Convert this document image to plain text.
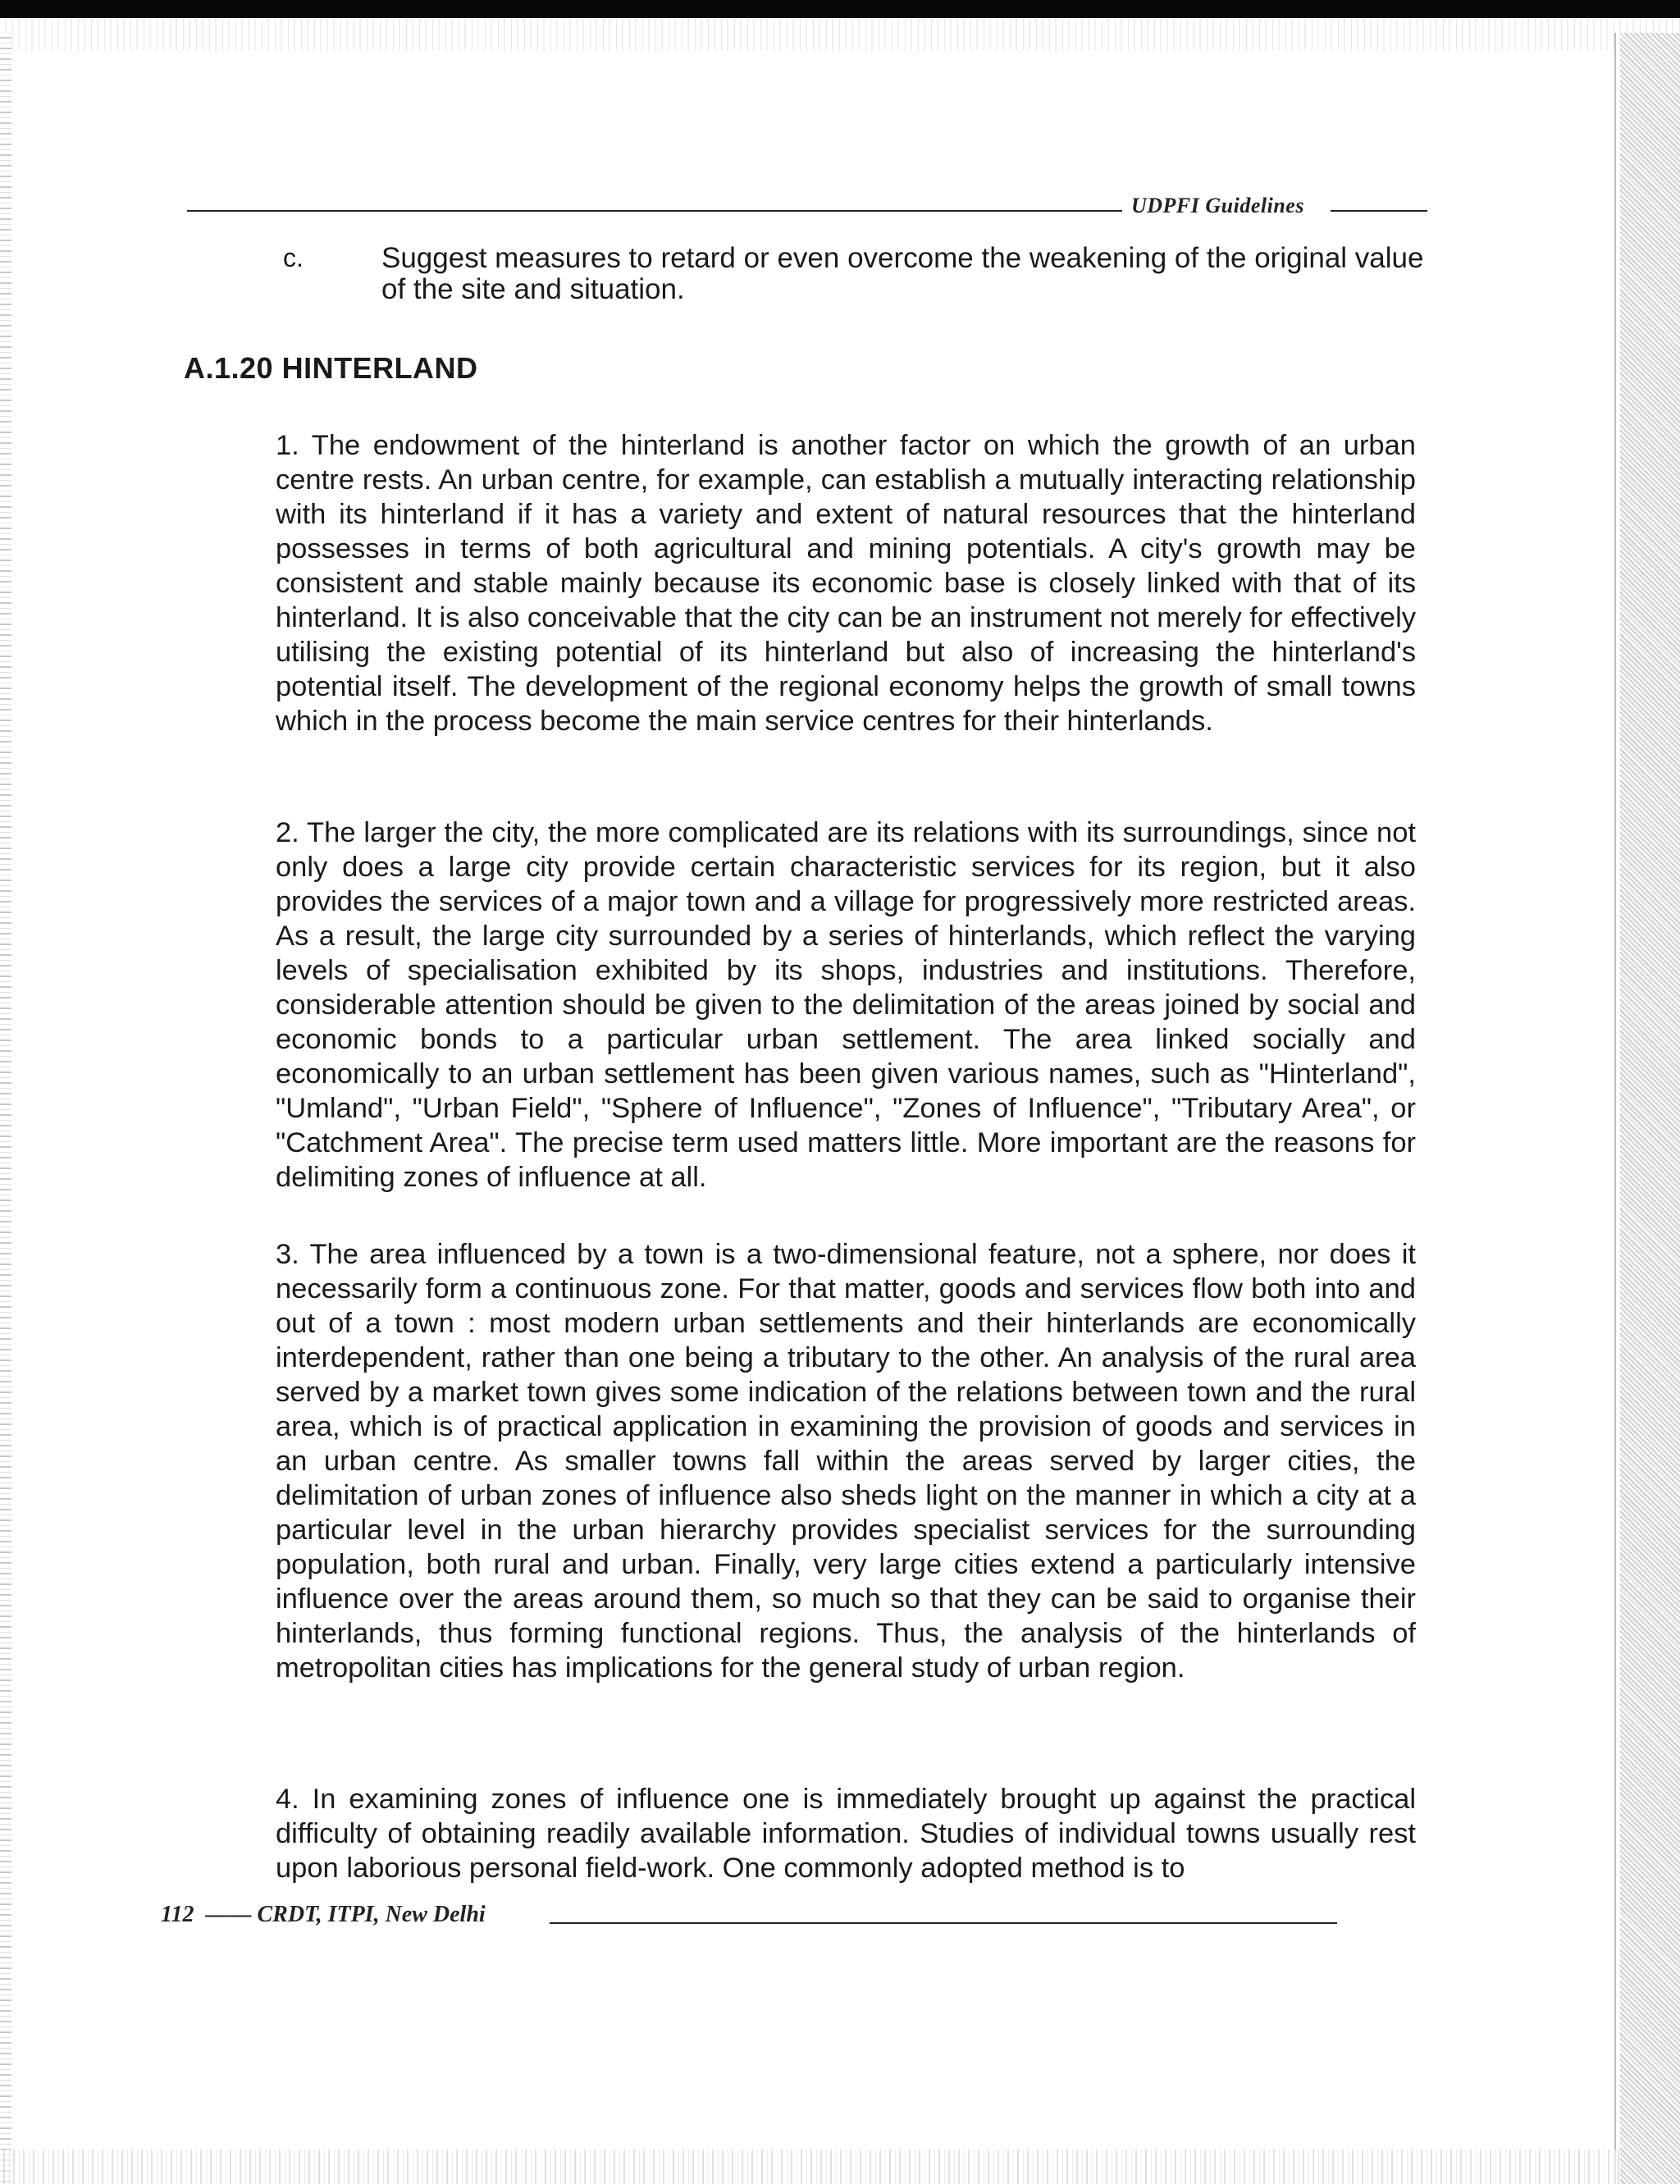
UDPFI Guidelines
c.	Suggest measures to retard or even overcome the weakening of the original value of the site and situation.
A.1.20 HINTERLAND

1. The endowment of the hinterland is another factor on which the growth of an urban centre rests. An urban centre, for example, can establish a mutually interacting relationship with its hinterland if it has a variety and extent of natural resources that the hinterland possesses in terms of both agricultural and mining potentials. A city's growth may be consistent and stable mainly because its economic base is closely linked with that of its hinterland. It is also conceivable that the city can be an instrument not merely for effectively utilising the existing potential of its hinterland but also of increasing the hinterland's potential itself. The development of the regional economy helps the growth of small towns which in the process become the main service centres for their hinterlands.

2. The larger the city, the more complicated are its relations with its surroundings, since not only does a large city provide certain characteristic services for its region, but it also provides the services of a major town and a village for progressively more restricted areas. As a result, the large city surrounded by a series of hinterlands, which reflect the varying levels of specialisation exhibited by its shops, industries and institutions. Therefore, considerable attention should be given to the delimitation of the areas joined by social and economic bonds to a particular urban settlement. The area linked socially and economically to an urban settlement has been given various names, such as "Hinterland", "Umland", "Urban Field", "Sphere of Influence", "Zones of Influence", "Tributary Area", or "Catchment Area". The precise term used matters little. More important are the reasons for delimiting zones of influence at all.

3. The area influenced by a town is a two-dimensional feature, not a sphere, nor does it necessarily form a continuous zone. For that matter, goods and services flow both into and out of a town : most modern urban settlements and their hinterlands are economically interdependent, rather than one being a tributary to the other. An analysis of the rural area served by a market town gives some indication of the relations between town and the rural area, which is of practical application in examining the provision of goods and services in an urban centre. As smaller towns fall within the areas served by larger cities, the delimitation of urban zones of influence also sheds light on the manner in which a city at a particular level in the urban hierarchy provides specialist services for the surrounding population, both rural and urban. Finally, very large cities extend a particularly intensive influence over the areas around them, so much so that they can be said to organise their hinterlands, thus forming functional regions. Thus, the analysis of the hinterlands of metropolitan cities has implications for the general study of urban region.

4. In examining zones of influence one is immediately brought up against the practical difficulty of obtaining readily available information. Studies of individual towns usually rest upon laborious personal field-work. One commonly adopted method is to

112  —— CRDT, ITPI, New Delhi
